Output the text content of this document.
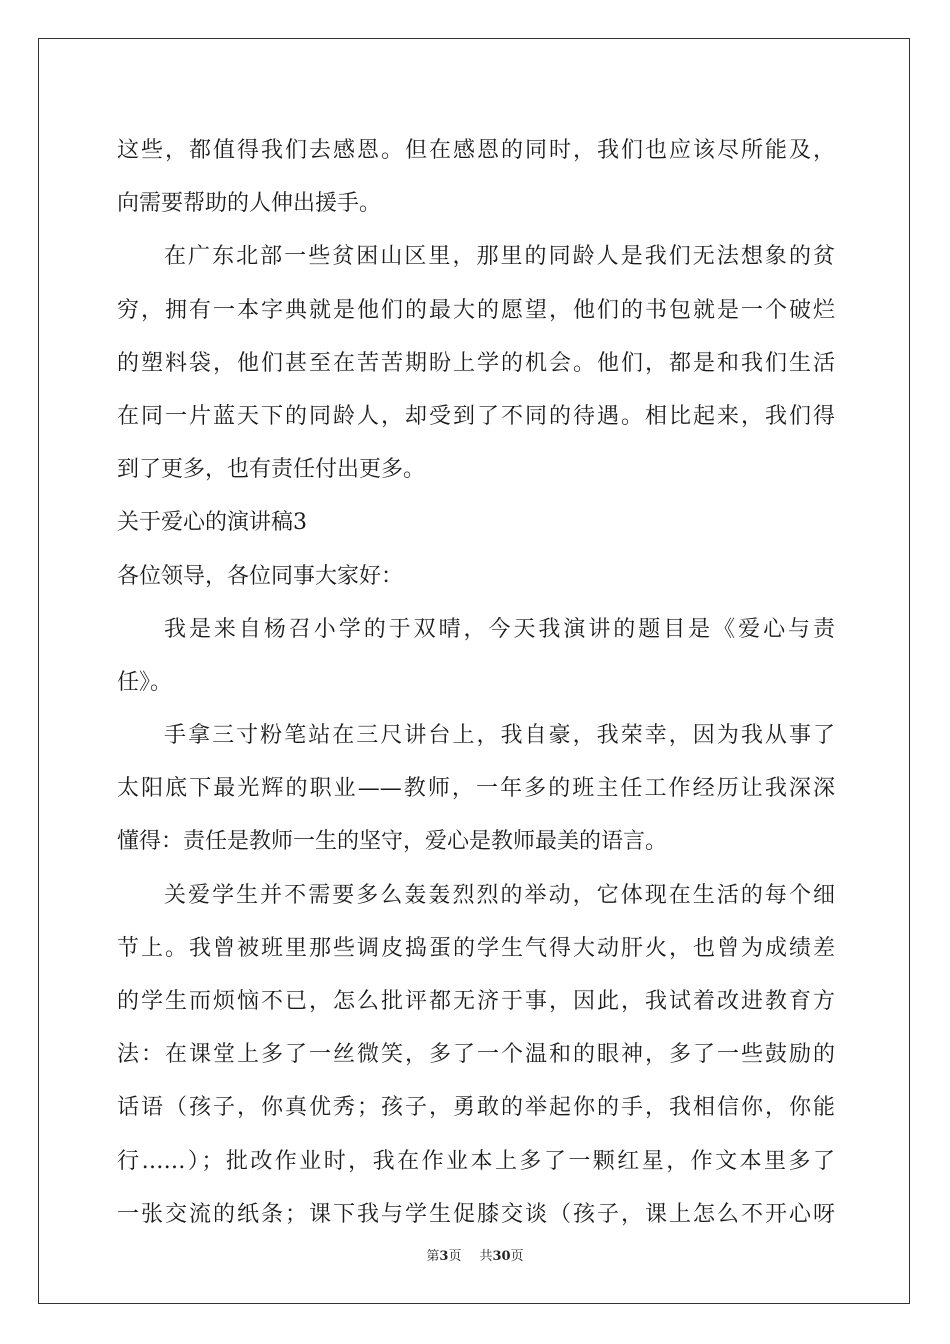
这些，都值得我们去感恩。但在感恩的同时，我们也应该尽所能及，
向需要帮助的人伸出援手。
在广东北部一些贫困山区里，那里的同龄人是我们无法想象的贫
穷，拥有一本字典就是他们的最大的愿望，他们的书包就是一个破烂
的塑料袋，他们甚至在苦苦期盼上学的机会。他们，都是和我们生活
在同一片蓝天下的同龄人，却受到了不同的待遇。相比起来，我们得
到了更多，也有责任付出更多。
关于爱心的演讲稿3
各位领导，各位同事大家好：
我是来自杨召小学的于双晴，今天我演讲的题目是《爱心与责
任》。
手拿三寸粉笔站在三尺讲台上，我自豪，我荣幸，因为我从事了
太阳底下最光辉的职业——教师，一年多的班主任工作经历让我深深
懂得：责任是教师一生的坚守，爱心是教师最美的语言。
关爱学生并不需要多么轰轰烈烈的举动，它体现在生活的每个细
节上。我曾被班里那些调皮捣蛋的学生气得大动肝火，也曾为成绩差
的学生而烦恼不已，怎么批评都无济于事，因此，我试着改进教育方
法：在课堂上多了一丝微笑，多了一个温和的眼神，多了一些鼓励的
话语（孩子，你真优秀；孩子，勇敢的举起你的手，我相信你，你能
行……）；批改作业时，我在作业本上多了一颗红星，作文本里多了
一张交流的纸条；课下我与学生促膝交谈（孩子，课上怎么不开心呀
第3页 共30页
